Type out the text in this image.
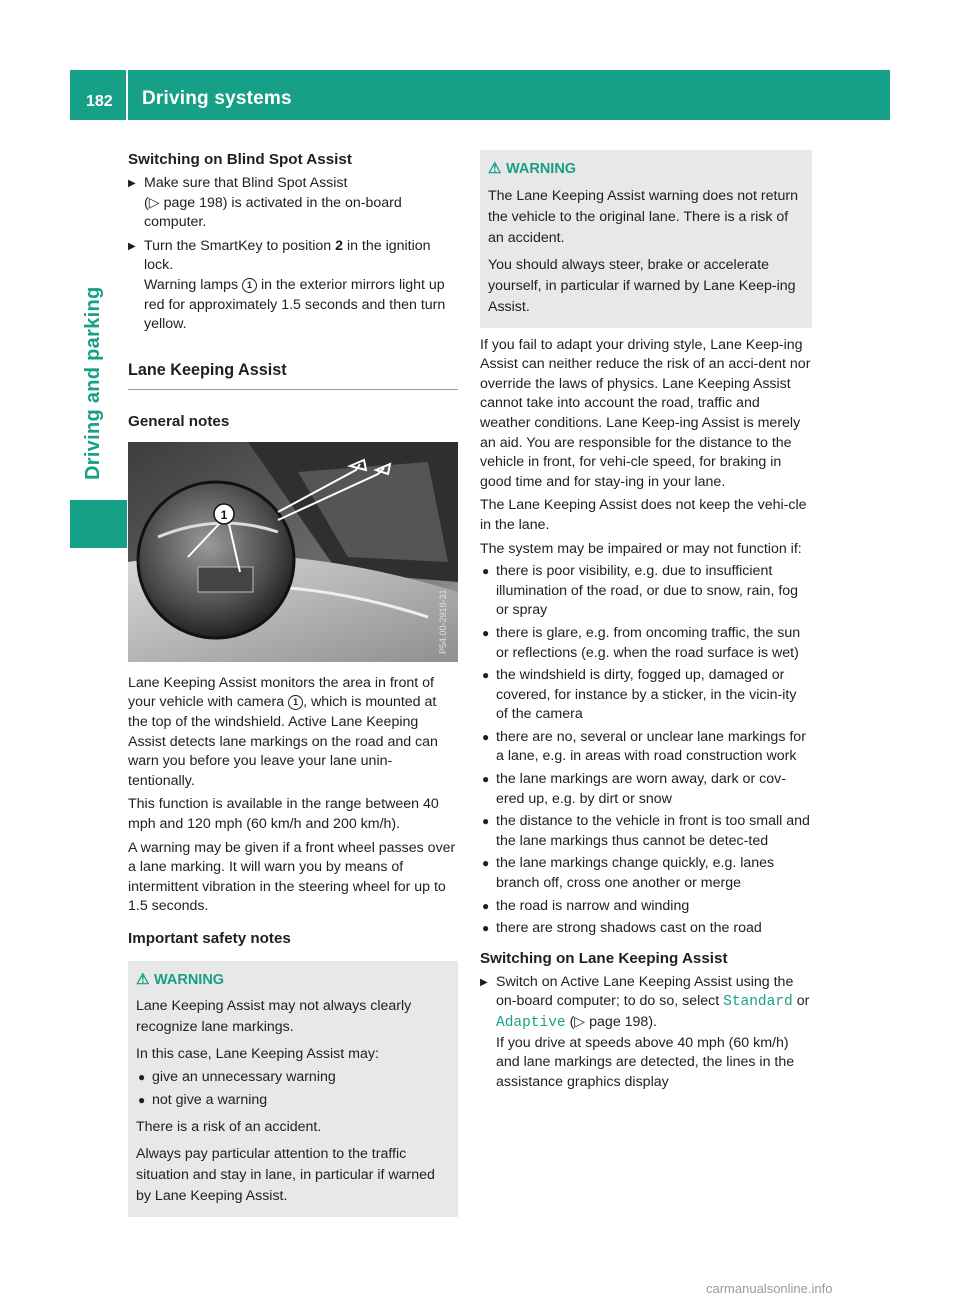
182 Driving systems
Driving and parking
Switching on Blind Spot Assist
▶ Make sure that Blind Spot Assist
(▷ page 198) is activated in the on-board computer.
▶ Turn the SmartKey to position 2 in the ignition lock.
Warning lamps 1 in the exterior mirrors light up red for approximately 1.5 seconds and then turn yellow.
Lane Keeping Assist
General notes
1
P54.00-2918-31

Lane Keeping Assist monitors the area in front of your vehicle with camera 1 , which is mounted at the top of the windshield. Active Lane Keeping Assist detects lane markings on the road and can warn you before you leave your lane unin-tentionally.

This function is available in the range between 40 mph and 120 mph (60 km/h and 200 km/h).

A warning may be given if a front wheel passes over a lane marking. It will warn you by means of intermittent vibration in the steering wheel for up to 1.5 seconds.

Important safety notes
⚠ WARNING

Lane Keeping Assist may not always clearly recognize lane markings.

In this case, Lane Keeping Assist may:

● give an unnecessary warning
● not give a warning

There is a risk of an accident.

Always pay particular attention to the traffic situation and stay in lane, in particular if warned by Lane Keeping Assist.

⚠ WARNING

The Lane Keeping Assist warning does not return the vehicle to the original lane. There is a risk of an accident.

You should always steer, brake or accelerate yourself, in particular if warned by Lane Keep-ing Assist.

If you fail to adapt your driving style, Lane Keep-ing Assist can neither reduce the risk of an acci-dent nor override the laws of physics. Lane Keeping Assist cannot take into account the road, traffic and weather conditions. Lane Keep-ing Assist is merely an aid. You are responsible for the distance to the vehicle in front, for vehi-cle speed, for braking in good time and for stay-ing in your lane.

The Lane Keeping Assist does not keep the vehi-cle in the lane.

The system may be impaired or may not function if:

● there is poor visibility, e.g. due to insufficient illumination of the road, or due to snow, rain, fog or spray
● there is glare, e.g. from oncoming traffic, the sun or reflections (e.g. when the road surface is wet)
● the windshield is dirty, fogged up, damaged or covered, for instance by a sticker, in the vicin-ity of the camera
● there are no, several or unclear lane markings for a lane, e.g. in areas with road construction work
● the lane markings are worn away, dark or cov-ered up, e.g. by dirt or snow
● the distance to the vehicle in front is too small and the lane markings thus cannot be detec-ted
● the lane markings change quickly, e.g. lanes branch off, cross one another or merge
● the road is narrow and winding
● there are strong shadows cast on the road
Switching on Lane Keeping Assist
▶ Switch on Active Lane Keeping Assist using the on-board computer; to do so, select Standard or Adaptive (▷ page 198).
If you drive at speeds above 40 mph (60 km/h) and lane markings are detected, the lines in the assistance graphics display
carmanualsonline.info
